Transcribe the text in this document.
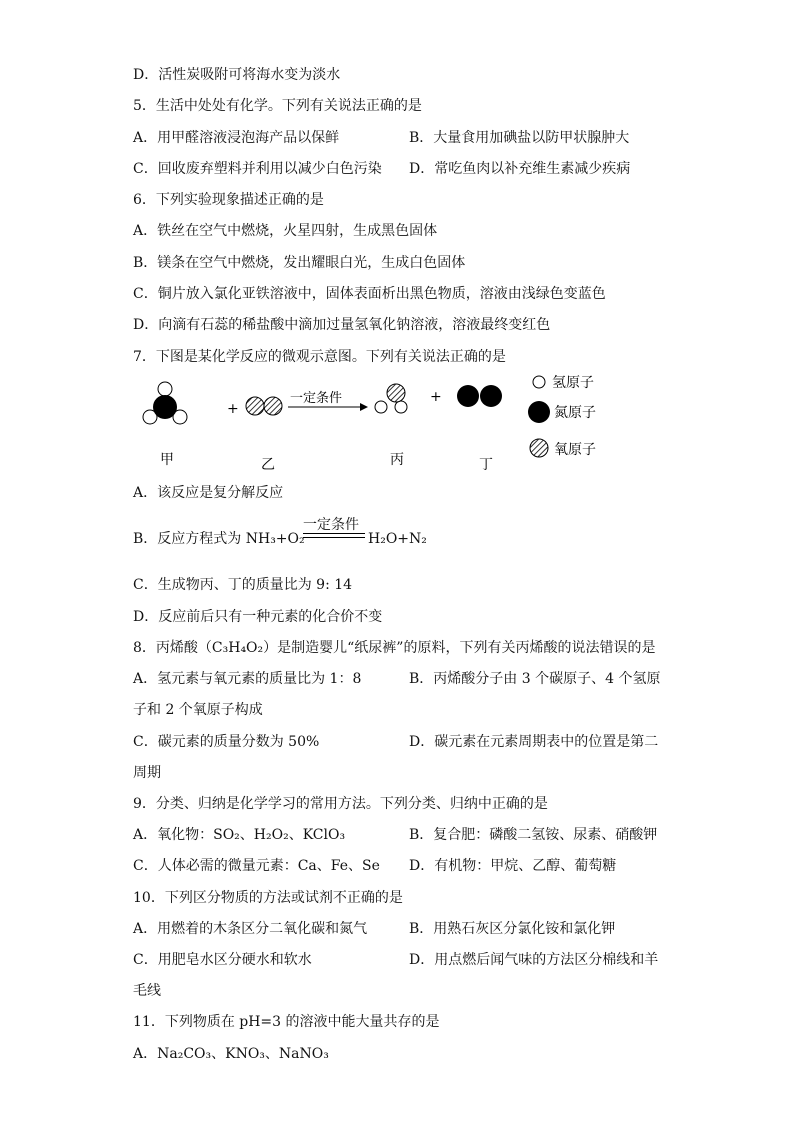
D．活性炭吸附可将海水变为淡水
5．生活中处处有化学。下列有关说法正确的是
A．用甲醛溶液浸泡海产品以保鲜	B．大量食用加碘盐以防甲状腺肿大
C．回收废弃塑料并利用以减少白色污染 D．常吃鱼肉以补充维生素减少疾病
6．下列实验现象描述正确的是
A．铁丝在空气中燃烧，火星四射，生成黑色固体
B．镁条在空气中燃烧，发出耀眼白光，生成白色固体
C．铜片放入氯化亚铁溶液中，固体表面析出黑色物质，溶液由浅绿色变蓝色
D．向滴有石蕊的稀盐酸中滴加过量氢氧化钠溶液，溶液最终变红色
7．下图是某化学反应的微观示意图。下列有关说法正确的是
+
一定条件	+
氢原子
氮原子
氧原子
甲	乙	丙	丁
A．该反应是复分解反应
B．反应方程式为 NH₃+O₂
一定条件
H₂O+N₂
C．生成物丙、丁的质量比为 9: 14
D．反应前后只有一种元素的化合价不变
8．丙烯酸（C₃H₄O₂）是制造婴儿“纸尿裤”的原料，下列有关丙烯酸的说法错误的是
A．氢元素与氧元素的质量比为 1：8	B．丙烯酸分子由 3 个碳原子、4 个氢原
子和 2 个氧原子构成
C．碳元素的质量分数为 50%	D．碳元素在元素周期表中的位置是第二
周期
9．分类、归纳是化学学习的常用方法。下列分类、归纳中正确的是
A．氧化物：SO₂、H₂O₂、KClO₃	B．复合肥：磷酸二氢铵、尿素、硝酸钾
C．人体必需的微量元素：Ca、Fe、Se D．有机物：甲烷、乙醇、葡萄糖
10．下列区分物质的方法或试剂不正确的是
A．用燃着的木条区分二氧化碳和氮气	B．用熟石灰区分氯化铵和氯化钾
C．用肥皂水区分硬水和软水	D．用点燃后闻气味的方法区分棉线和羊
毛线
11．下列物质在 pH=3 的溶液中能大量共存的是
A．Na₂CO₃、KNO₃、NaNO₃
